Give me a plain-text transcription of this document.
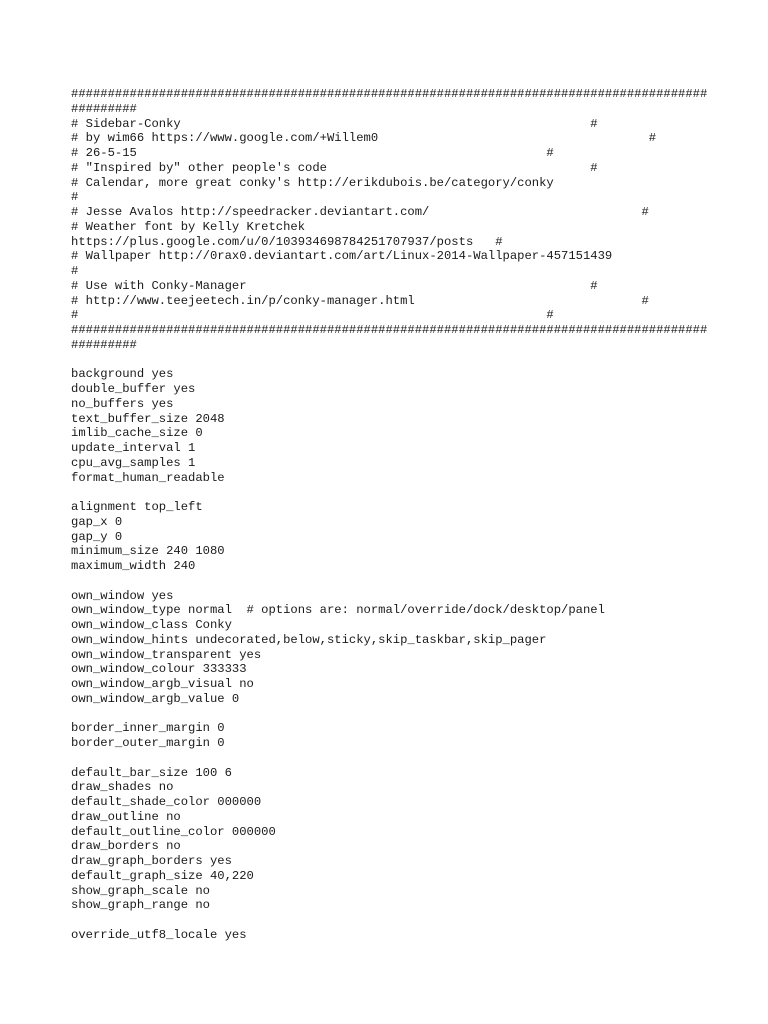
#######################################################################################
#########
# Sidebar-Conky                                                        #
# by wim66 https://www.google.com/+Willem0                                     #
# 26-5-15                                                        #
# "Inspired by" other people's code                                    #
# Calendar, more great conky's http://erikdubois.be/category/conky
#
# Jesse Avalos http://speedracker.deviantart.com/                             #
# Weather font by Kelly Kretchek
https://plus.google.com/u/0/103934698784251707937/posts   #
# Wallpaper http://0rax0.deviantart.com/art/Linux-2014-Wallpaper-457151439
#
# Use with Conky-Manager                                               #
# http://www.teejeetech.in/p/conky-manager.html                               #
#                                                                #
#######################################################################################
#########
background yes
double_buffer yes
no_buffers yes
text_buffer_size 2048
imlib_cache_size 0
update_interval 1
cpu_avg_samples 1
format_human_readable
alignment top_left
gap_x 0
gap_y 0
minimum_size 240 1080
maximum_width 240
own_window yes
own_window_type normal  # options are: normal/override/dock/desktop/panel
own_window_class Conky
own_window_hints undecorated,below,sticky,skip_taskbar,skip_pager
own_window_transparent yes
own_window_colour 333333
own_window_argb_visual no
own_window_argb_value 0
border_inner_margin 0
border_outer_margin 0
default_bar_size 100 6
draw_shades no
default_shade_color 000000
draw_outline no
default_outline_color 000000
draw_borders no
draw_graph_borders yes
default_graph_size 40,220
show_graph_scale no
show_graph_range no
override_utf8_locale yes
